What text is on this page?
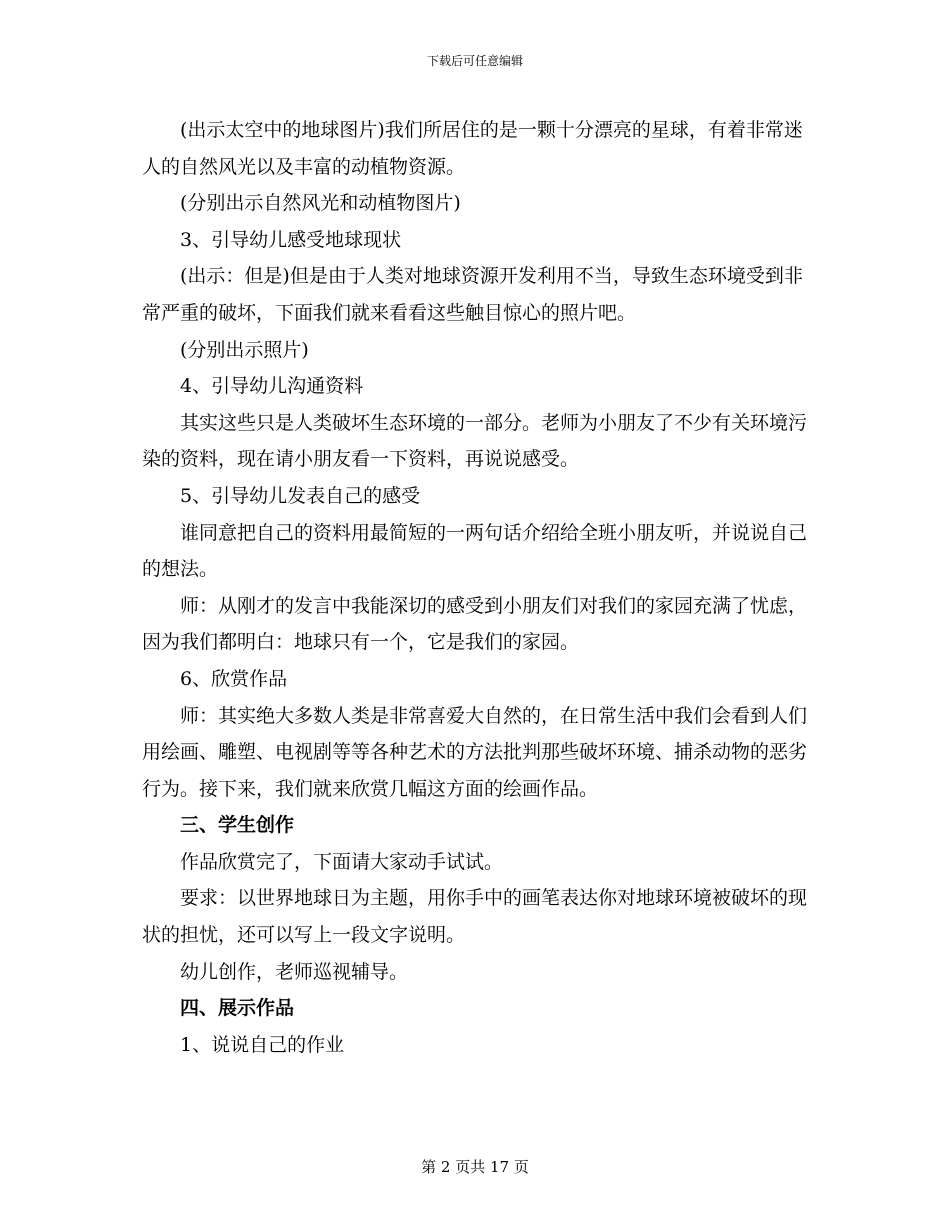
下载后可任意编辑

(出示太空中的地球图片)我们所居住的是一颗十分漂亮的星球，有着非常迷人的自然风光以及丰富的动植物资源。

(分别出示自然风光和动植物图片)

3、引导幼儿感受地球现状

(出示：但是)但是由于人类对地球资源开发利用不当，导致生态环境受到非常严重的破坏，下面我们就来看看这些触目惊心的照片吧。

(分别出示照片)

4、引导幼儿沟通资料

其实这些只是人类破坏生态环境的一部分。老师为小朋友了不少有关环境污染的资料，现在请小朋友看一下资料，再说说感受。

5、引导幼儿发表自己的感受

谁同意把自己的资料用最简短的一两句话介绍给全班小朋友听，并说说自己的想法。

师：从刚才的发言中我能深切的感受到小朋友们对我们的家园充满了忧虑，因为我们都明白：地球只有一个，它是我们的家园。

6、欣赏作品

师：其实绝大多数人类是非常喜爱大自然的，在日常生活中我们会看到人们用绘画、雕塑、电视剧等等各种艺术的方法批判那些破坏环境、捕杀动物的恶劣行为。接下来，我们就来欣赏几幅这方面的绘画作品。

三、学生创作

作品欣赏完了，下面请大家动手试试。

要求：以世界地球日为主题，用你手中的画笔表达你对地球环境被破坏的现状的担忧，还可以写上一段文字说明。

幼儿创作，老师巡视辅导。

四、展示作品

1、说说自己的作业

第 2 页共 17 页
